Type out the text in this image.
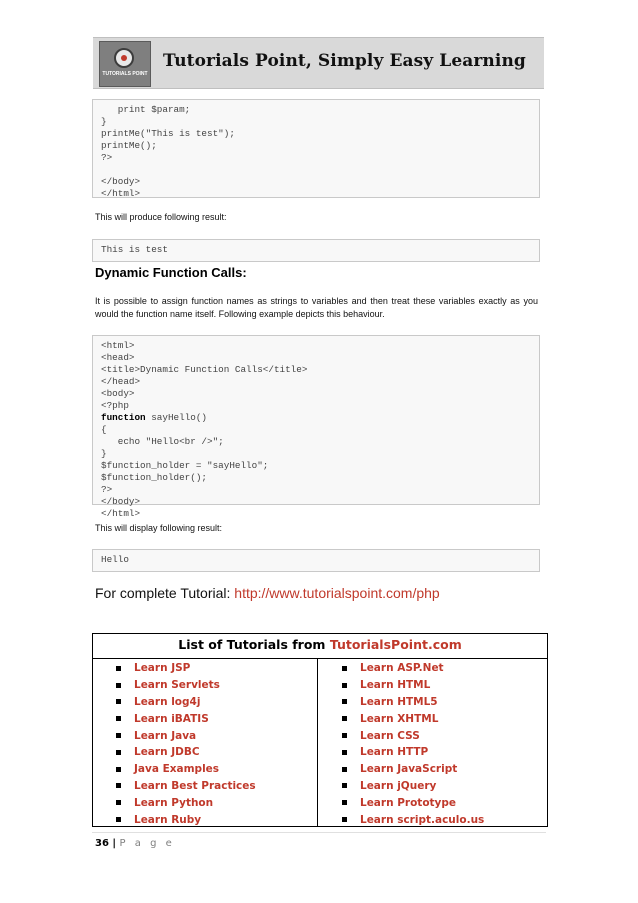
TUTORIALS POINT
Tutorials Point, Simply Easy Learning
print $param;
}
printMe("This is test");
printMe();
?>
</body>
</html>
This will produce following result:
This is test
Dynamic Function Calls:
It is possible to assign function names as strings to variables and then treat these variables exactly as you would the function name itself. Following example depicts this behaviour.
<html>
<head>
<title>Dynamic Function Calls</title>
</head>
<body>
<?php
function sayHello()
{
echo "Hello<br />";
}
$function_holder = "sayHello";
$function_holder();
?>
</body>
</html>
This will display following result:
Hello
For complete Tutorial: http://www.tutorialspoint.com/php
List of Tutorials from TutorialsPoint.com
Learn JSP
Learn Servlets
Learn log4j
Learn iBATIS
Learn Java
Learn JDBC
Java Examples
Learn Best Practices
Learn Python
Learn Ruby
Learn ASP.Net
Learn HTML
Learn HTML5
Learn XHTML
Learn CSS
Learn HTTP
Learn JavaScript
Learn jQuery
Learn Prototype
Learn script.aculo.us
36 | P a g e
